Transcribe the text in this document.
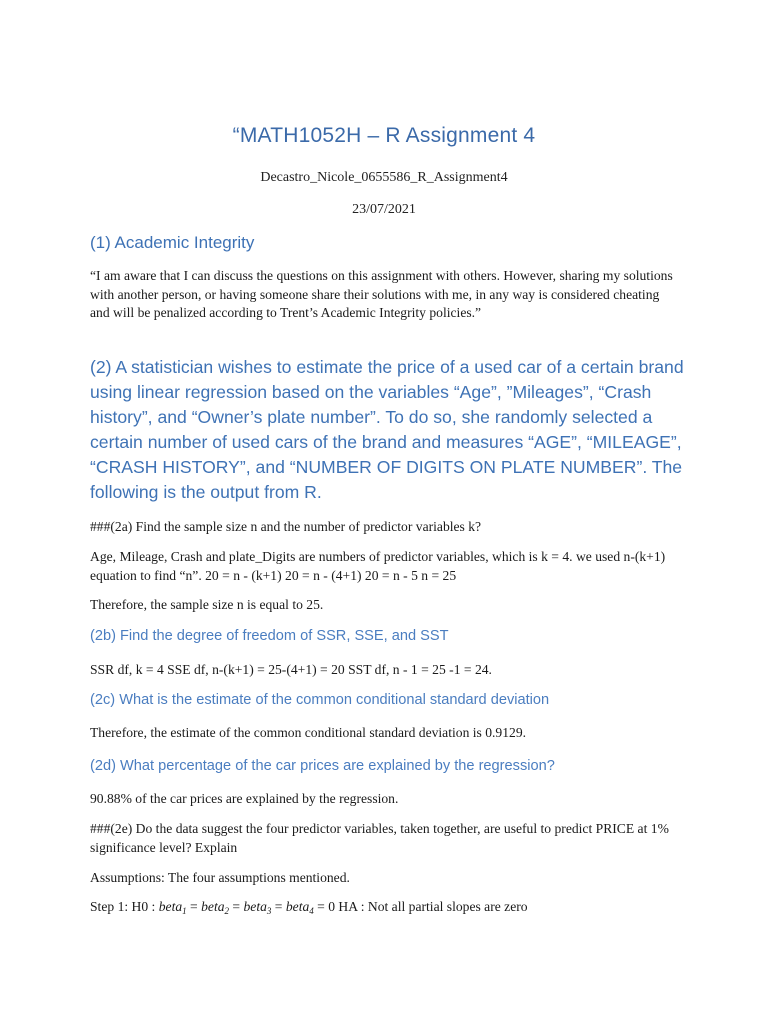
“MATH1052H – R Assignment 4
Decastro_Nicole_0655586_R_Assignment4
23/07/2021
(1) Academic Integrity
“I am aware that I can discuss the questions on this assignment with others. However, sharing my solutions with another person, or having someone share their solutions with me, in any way is considered cheating and will be penalized according to Trent’s Academic Integrity policies.”
(2) A statistician wishes to estimate the price of a used car of a certain brand using linear regression based on the variables “Age”, ”Mileages”, “Crash history”, and “Owner’s plate number”. To do so, she randomly selected a certain number of used cars of the brand and measures “AGE”, “MILEAGE”, “CRASH HISTORY”, and “NUMBER OF DIGITS ON PLATE NUMBER”. The following is the output from R.
###(2a) Find the sample size n and the number of predictor variables k?
Age, Mileage, Crash and plate_Digits are numbers of predictor variables, which is k = 4. we used n-(k+1) equation to find “n”. 20 = n - (k+1) 20 = n - (4+1) 20 = n - 5 n = 25
Therefore, the sample size n is equal to 25.
(2b) Find the degree of freedom of SSR, SSE, and SST
SSR df, k = 4 SSE df, n-(k+1) = 25-(4+1) = 20 SST df, n - 1 = 25 -1 = 24.
(2c) What is the estimate of the common conditional standard deviation
Therefore, the estimate of the common conditional standard deviation is 0.9129.
(2d) What percentage of the car prices are explained by the regression?
90.88% of the car prices are explained by the regression.
###(2e) Do the data suggest the four predictor variables, taken together, are useful to predict PRICE at 1% significance level? Explain
Assumptions: The four assumptions mentioned.
Step 1: H0 : beta$_1$ = beta$_2$ = beta$_3$ = beta$_4$ = 0 HA : Not all partial slopes are zero
